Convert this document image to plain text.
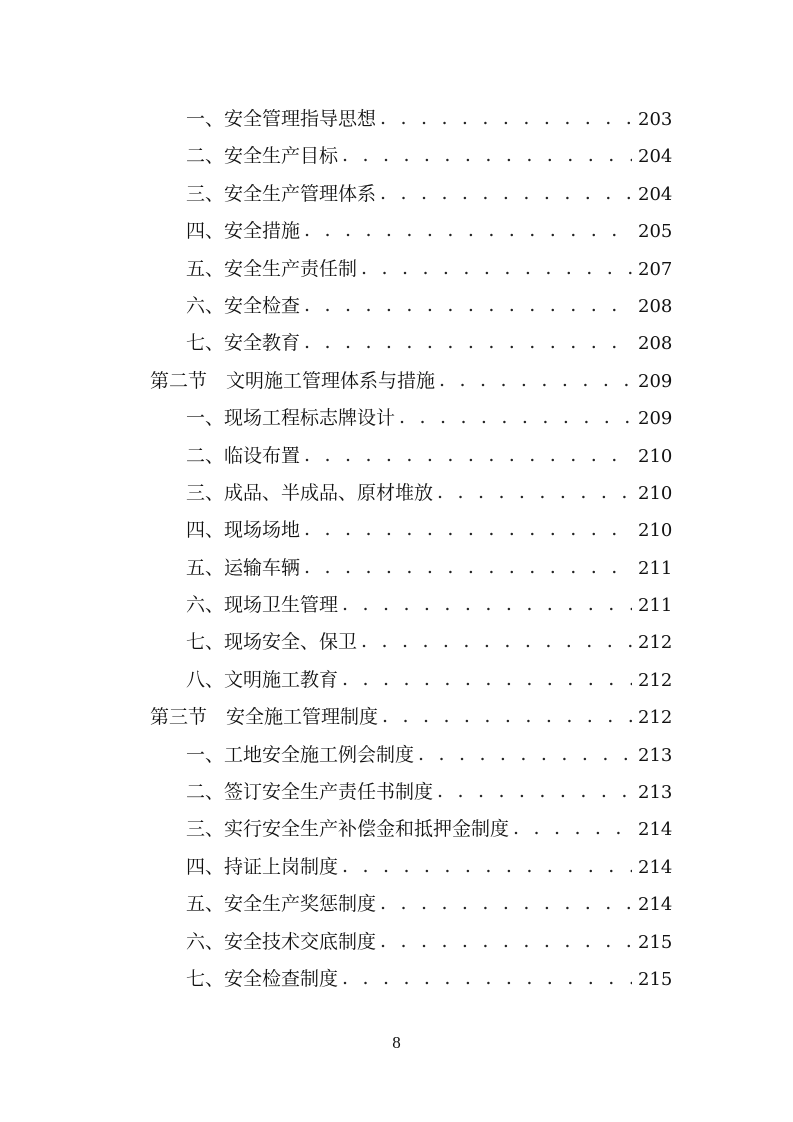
一、安全管理指导思想 . . .	203
二、安全生产目标 . . .	204
三、安全生产管理体系 . . .	204
四、安全措施 . . .	205
五、安全生产责任制 . . .	207
六、安全检查 . . .	208
七、安全教育 . . .	208
第二节　文明施工管理体系与措施 . . .	209
一、现场工程标志牌设计 . . .	209
二、临设布置 . . .	210
三、成品、半成品、原材堆放 . . .	210
四、现场场地 . . .	210
五、运输车辆 . . .	211
六、现场卫生管理 . . .	211
七、现场安全、保卫 . . .	212
八、文明施工教育 . . .	212
第三节　安全施工管理制度 . . .	212
一、工地安全施工例会制度 . . .	213
二、签订安全生产责任书制度 . . .	213
三、实行安全生产补偿金和抵押金制度 . . .	214
四、持证上岗制度 . . .	214
五、安全生产奖惩制度 . . .	214
六、安全技术交底制度 . . .	215
七、安全检查制度 . . .	215
8
